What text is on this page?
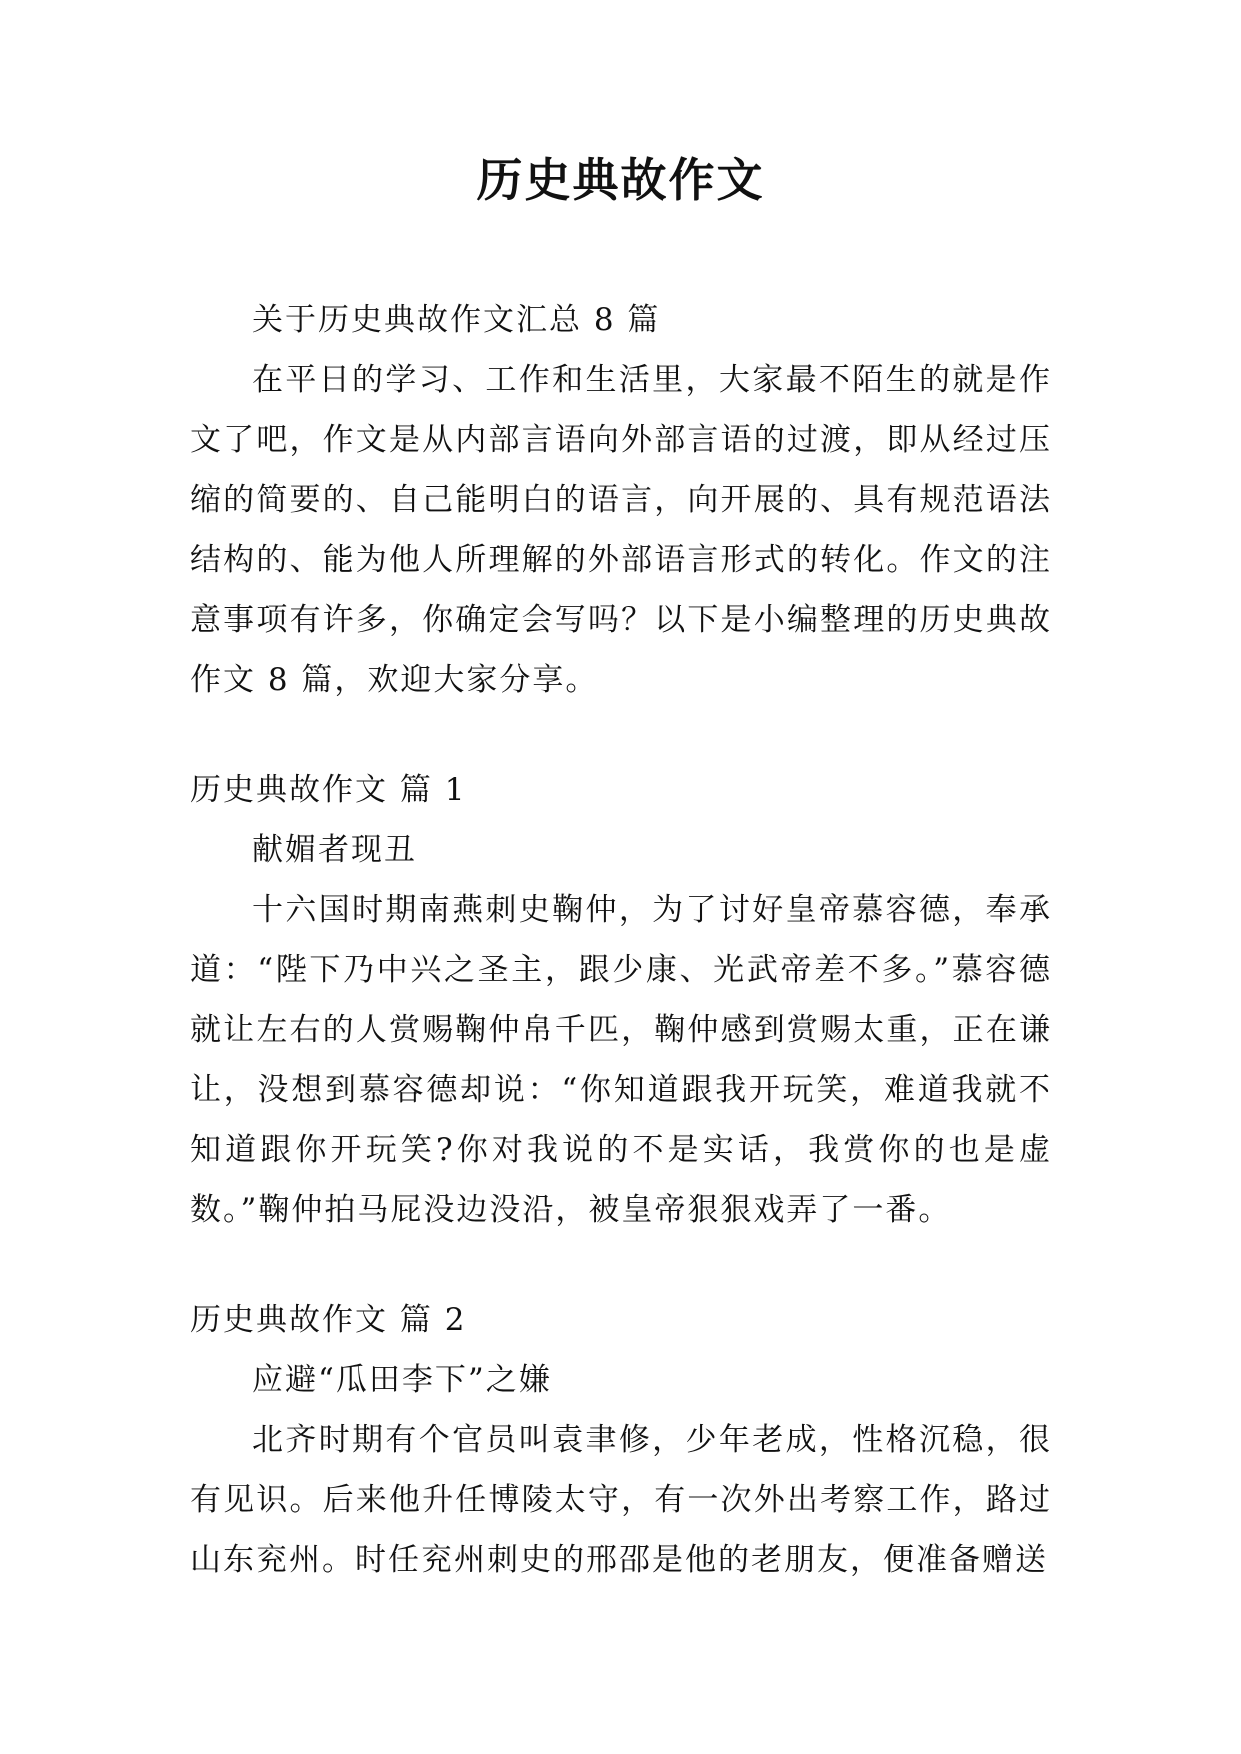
历史典故作文

关于历史典故作文汇总 8 篇

在平日的学习、工作和生活里，大家最不陌生的就是作文了吧，作文是从内部言语向外部言语的过渡，即从经过压缩的简要的、自己能明白的语言，向开展的、具有规范语法结构的、能为他人所理解的外部语言形式的转化。作文的注意事项有许多，你确定会写吗？以下是小编整理的历史典故作文 8 篇，欢迎大家分享。

历史典故作文 篇 1

献媚者现丑

十六国时期南燕刺史鞠仲，为了讨好皇帝慕容德，奉承道：“陛下乃中兴之圣主，跟少康、光武帝差不多。”慕容德就让左右的人赏赐鞠仲帛千匹，鞠仲感到赏赐太重，正在谦让，没想到慕容德却说：“你知道跟我开玩笑，难道我就不知道跟你开玩笑?你对我说的不是实话，我赏你的也是虚数。”鞠仲拍马屁没边没沿，被皇帝狠狠戏弄了一番。

历史典故作文 篇 2

应避“瓜田李下”之嫌

北齐时期有个官员叫袁聿修，少年老成，性格沉稳，很有见识。后来他升任博陵太守，有一次外出考察工作，路过山东兖州。时任兖州刺史的邢邵是他的老朋友，便准备赠送
